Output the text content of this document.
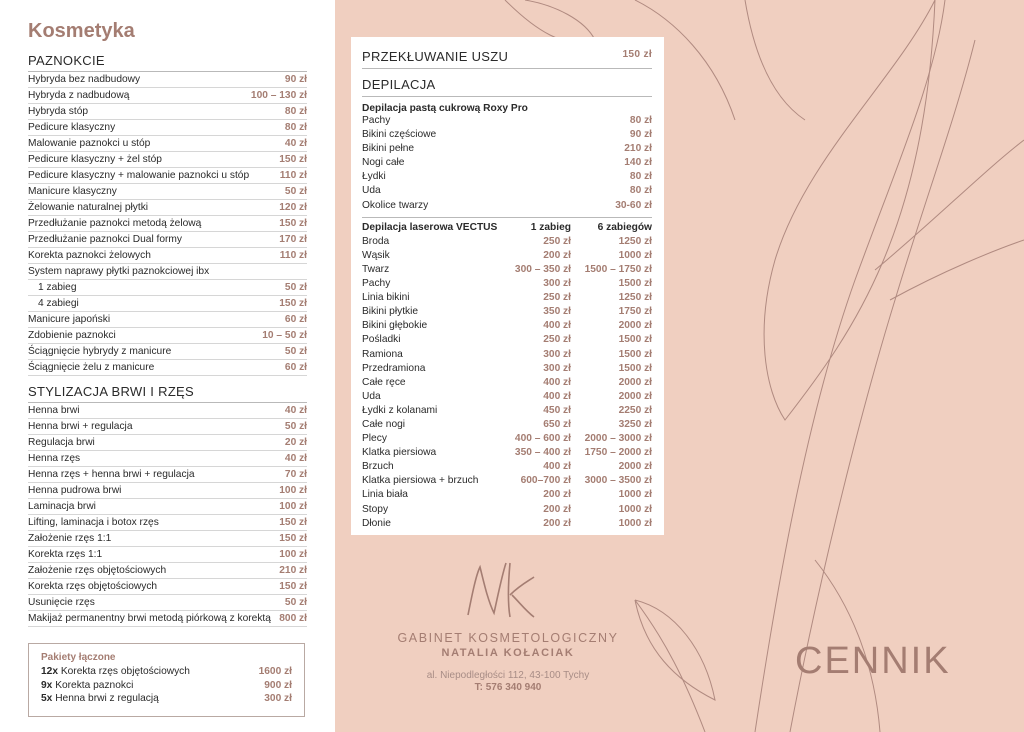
Kosmetyka
PAZNOKCIE
Hybryda bez nadbudowy	90 zł
Hybryda z nadbudową	100 – 130 zł
Hybryda stóp	80 zł
Pedicure klasyczny	80 zł
Malowanie paznokci u stóp	40 zł
Pedicure klasyczny + żel stóp	150 zł
Pedicure klasyczny + malowanie paznokci u stóp	110 zł
Manicure klasyczny	50 zł
Żelowanie naturalnej płytki	120 zł
Przedłużanie paznokci metodą żelową	150 zł
Przedłużanie paznokci Dual formy	170 zł
Korekta paznokci żelowych	110 zł
System naprawy płytki paznokciowej ibx
1 zabieg	50 zł
4 zabiegi	150 zł
Manicure japoński	60 zł
Zdobienie paznokci	10 – 50 zł
Ściągnięcie hybrydy z manicure	50 zł
Ściągnięcie żelu z manicure	60 zł
STYLIZACJA BRWI I RZĘS
Henna brwi	40 zł
Henna brwi + regulacja	50 zł
Regulacja brwi	20 zł
Henna rzęs	40 zł
Henna rzęs + henna brwi + regulacja	70 zł
Henna pudrowa brwi	100 zł
Laminacja brwi	100 zł
Lifting, laminacja i botox rzęs	150 zł
Założenie rzęs 1:1	150 zł
Korekta rzęs 1:1	100 zł
Założenie rzęs objętościowych	210 zł
Korekta rzęs objętościowych	150 zł
Usunięcie rzęs	50 zł
Makijaż permanentny brwi metodą piórkową z korektą 800 zł
Pakiety łączone
12x Korekta rzęs objętościowych	1600 zł
9x Korekta paznokci	900 zł
5x Henna brwi z regulacją	300 zł
PRZEKŁUWANIE USZU	150 zł
DEPILACJA
Depilacja pastą cukrową Roxy Pro
Pachy	80 zł
Bikini częściowe	90 zł
Bikini pełne	210 zł
Nogi całe	140 zł
Łydki	80 zł
Uda	80 zł
Okolice twarzy	30-60 zł
Depilacja laserowa VECTUS	1 zabieg	6 zabiegów
Broda	250 zł	1250 zł
Wąsik	200 zł	1000 zł
Twarz	300 – 350 zł	1500 – 1750 zł
Pachy	300 zł	1500 zł
Linia bikini	250 zł	1250 zł
Bikini płytkie	350 zł	1750 zł
Bikini głębokie	400 zł	2000 zł
Pośladki	250 zł	1500 zł
Ramiona	300 zł	1500 zł
Przedramiona	300 zł	1500 zł
Całe ręce	400 zł	2000 zł
Uda	400 zł	2000 zł
Łydki z kolanami	450 zł	2250 zł
Całe nogi	650 zł	3250 zł
Plecy	400 – 600 zł	2000 – 3000 zł
Klatka piersiowa	350 – 400 zł	1750 – 2000 zł
Brzuch	400 zł	2000 zł
Klatka piersiowa + brzuch	600–700 zł	3000 – 3500 zł
Linia biała	200 zł	1000 zł
Stopy	200 zł	1000 zł
Dłonie	200 zł	1000 zł
GABINET KOSMETOLOGICZNY
NATALIA KOŁACIAK
al. Niepodległości 112, 43-100 Tychy
T: 576 340 940
CENNIK
